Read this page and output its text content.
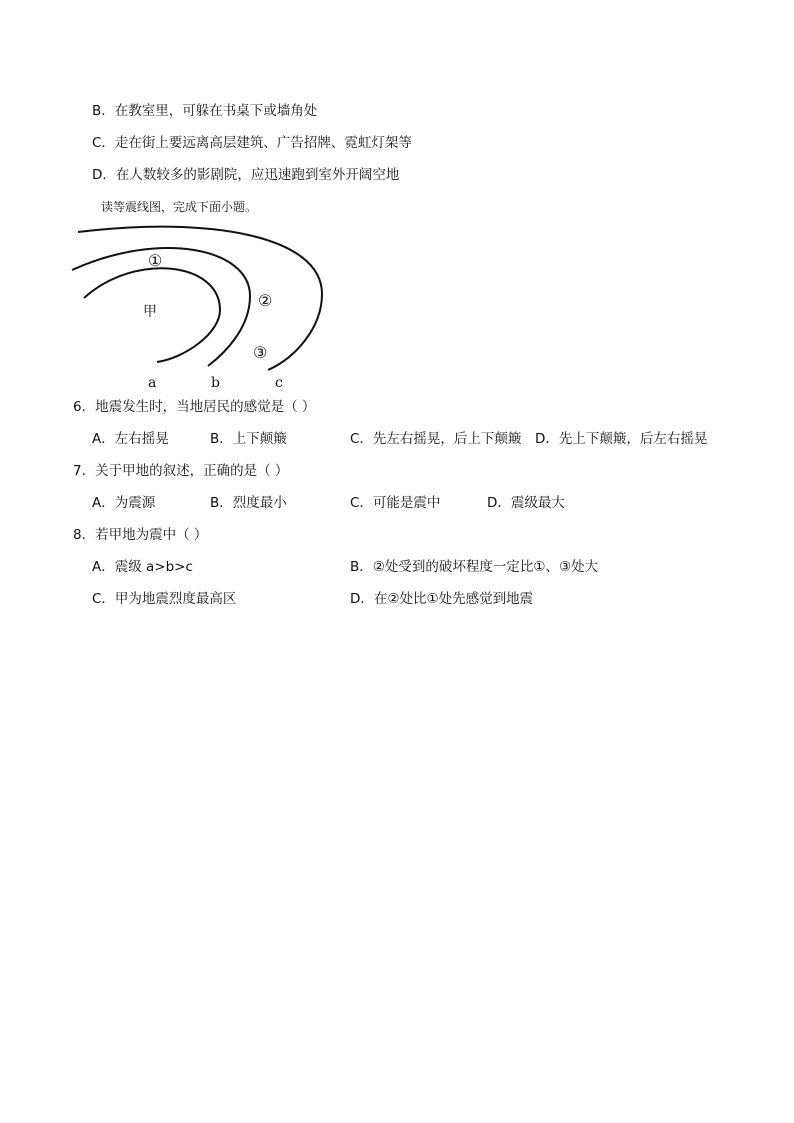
B．在教室里，可躲在书桌下或墙角处
C．走在街上要远离高层建筑、广告招牌、霓虹灯架等
D．在人数较多的影剧院，应迅速跑到室外开阔空地
读等震线图，完成下面小题。
甲
①
②
③
a	b	c
6．地震发生时，当地居民的感觉是（ ）
A．左右摇晃	B．上下颠簸	C．先左右摇晃，后上下颠簸 D．先上下颠簸，后左右摇晃
7．关于甲地的叙述，正确的是（ ）
A．为震源	B．烈度最小	C．可能是震中	D．震级最大
8．若甲地为震中（ ）
A．震级 a>b>c	B．②处受到的破坏程度一定比①、③处大
C．甲为地震烈度最高区	D．在②处比①处先感觉到地震
